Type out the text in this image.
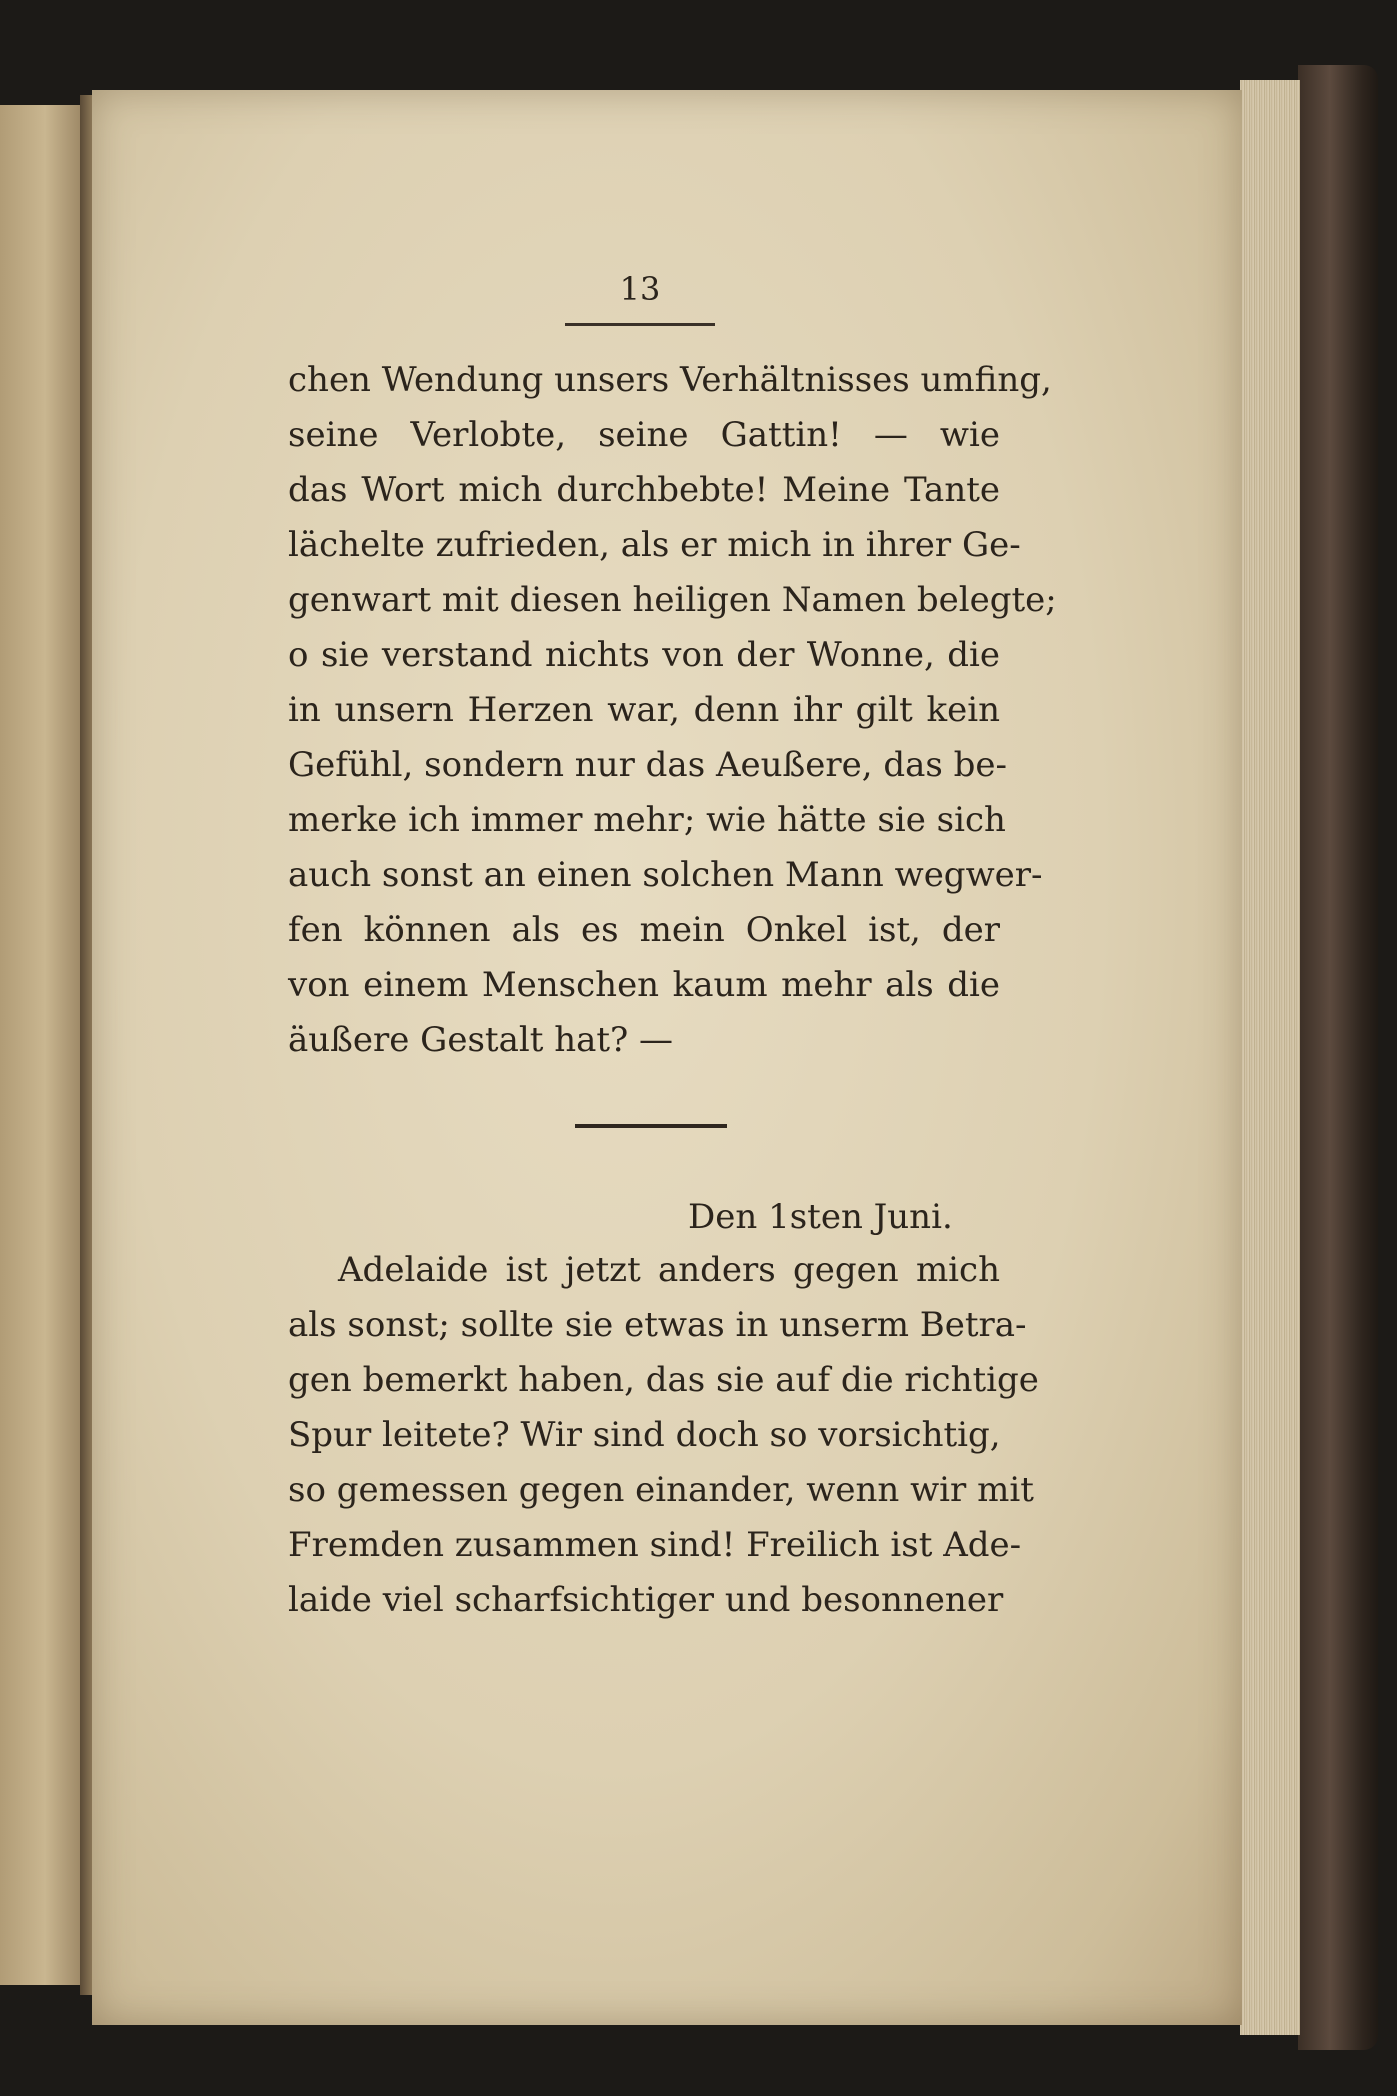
13
chen Wendung unsers Verhältnisses umfing,
seine Verlobte, seine Gattin! — wie
das Wort mich durchbebte! Meine Tante
lächelte zufrieden, als er mich in ihrer Ge-
genwart mit diesen heiligen Namen belegte;
o sie verstand nichts von der Wonne, die
in unsern Herzen war, denn ihr gilt kein
Gefühl, sondern nur das Aeußere, das be-
merke ich immer mehr; wie hätte sie sich
auch sonst an einen solchen Mann wegwer-
fen können als es mein Onkel ist, der
von einem Menschen kaum mehr als die
äußere Gestalt hat? —
Den 1sten Juni.
Adelaide ist jetzt anders gegen mich
als sonst; sollte sie etwas in unserm Betra-
gen bemerkt haben, das sie auf die richtige
Spur leitete? Wir sind doch so vorsichtig,
so gemessen gegen einander, wenn wir mit
Fremden zusammen sind! Freilich ist Ade-
laide viel scharfsichtiger und besonnener
